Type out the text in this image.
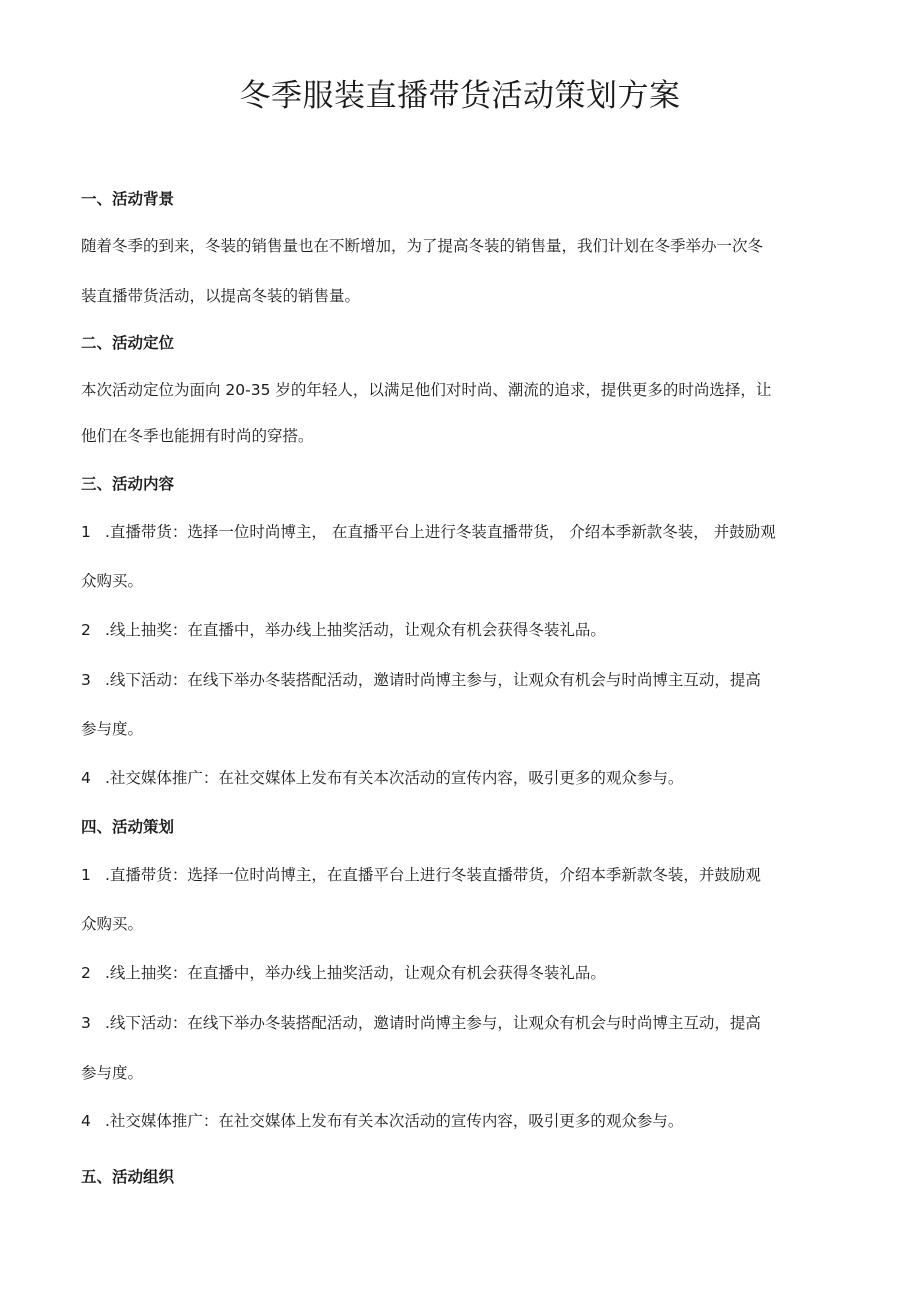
冬季服装直播带货活动策划方案
一、活动背景
随着冬季的到来，冬装的销售量也在不断增加，为了提高冬装的销售量，我们计划在冬季举办一次冬
装直播带货活动，以提高冬装的销售量。
二、活动定位
本次活动定位为面向 20-35 岁的年轻人，以满足他们对时尚、潮流的追求，提供更多的时尚选择，让
他们在冬季也能拥有时尚的穿搭。
三、活动内容
1 .直播带货：选择一位时尚博主， 在直播平台上进行冬装直播带货， 介绍本季新款冬装， 并鼓励观
众购买。
2 .线上抽奖：在直播中，举办线上抽奖活动，让观众有机会获得冬装礼品。
3 .线下活动：在线下举办冬装搭配活动，邀请时尚博主参与，让观众有机会与时尚博主互动，提高
参与度。
4 .社交媒体推广：在社交媒体上发布有关本次活动的宣传内容，吸引更多的观众参与。
四、活动策划
1 .直播带货：选择一位时尚博主，在直播平台上进行冬装直播带货，介绍本季新款冬装，并鼓励观
众购买。
2 .线上抽奖：在直播中，举办线上抽奖活动，让观众有机会获得冬装礼品。
3 .线下活动：在线下举办冬装搭配活动，邀请时尚博主参与，让观众有机会与时尚博主互动，提高
参与度。
4 .社交媒体推广：在社交媒体上发布有关本次活动的宣传内容，吸引更多的观众参与。
五、活动组织
